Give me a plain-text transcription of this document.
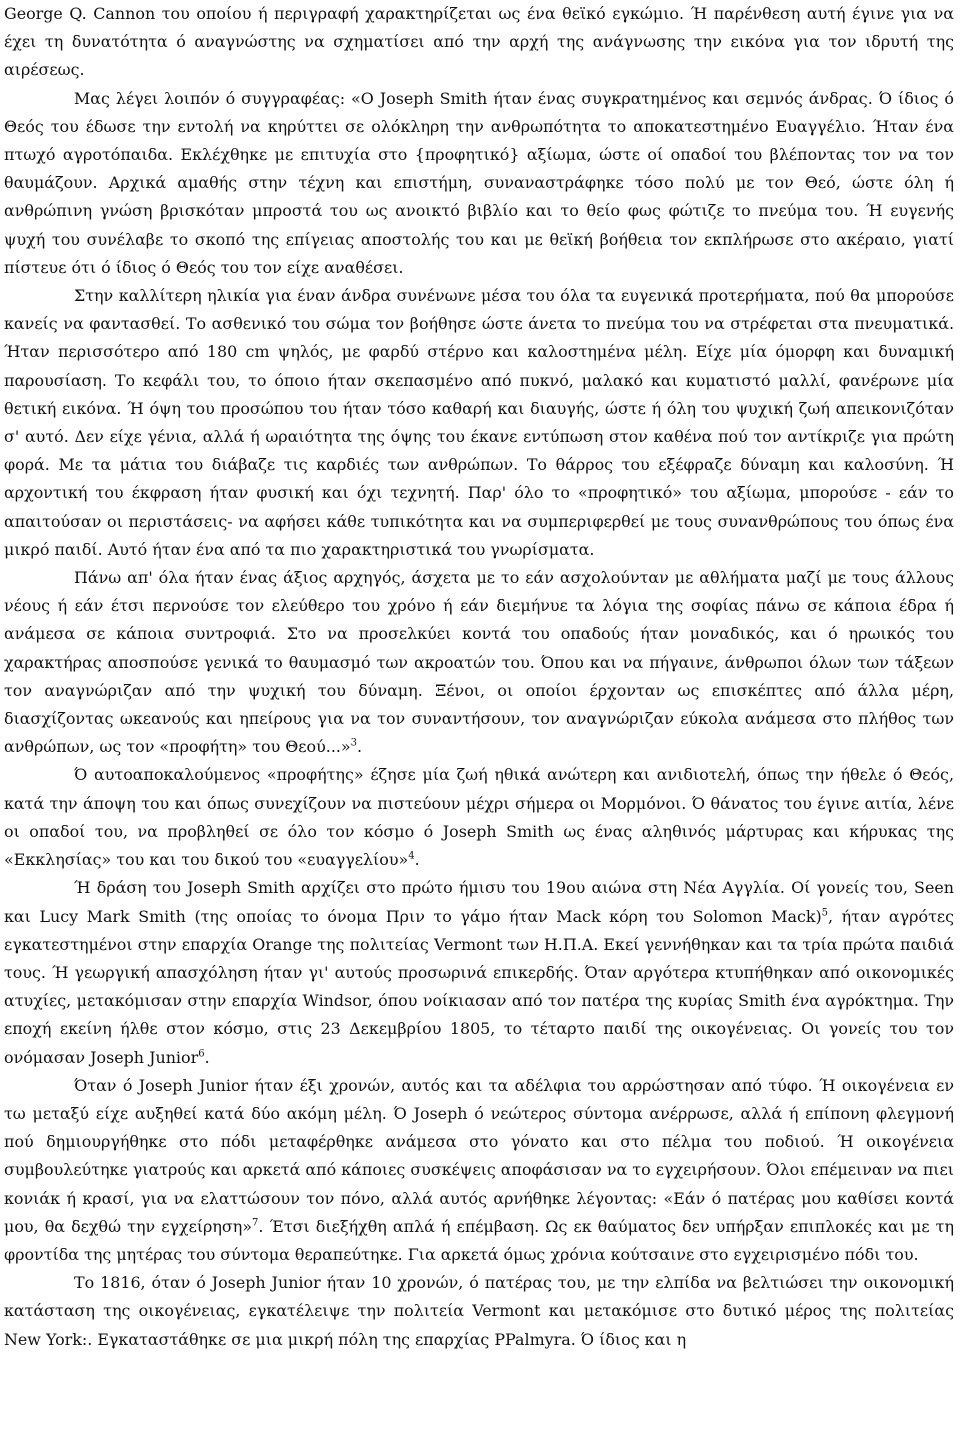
George Q. Cannon του οποίου ή περιγραφή χαρακτηρίζεται ως ένα θεϊκό εγκώμιο. Ή παρένθεση αυτή έγινε για να έχει τη δυνατότητα ό αναγνώστης να σχηματίσει από την αρχή της ανάγνωσης την εικόνα για τον ιδρυτή της αιρέσεως.

Μας λέγει λοιπόν ό συγγραφέας: «Ο Joseph Smith ήταν ένας συγκρατημένος και σεμνός άνδρας. Ό ίδιος ό Θεός του έδωσε την εντολή να κηρύττει σε ολόκληρη την ανθρωπότητα το αποκατεστημένο Ευαγγέλιο. Ήταν ένα πτωχό αγροτόπαιδα. Εκλέχθηκε με επιτυχία στο {προφητικό} αξίωμα, ώστε οί οπαδοί του βλέποντας τον να τον θαυμάζουν. Αρχικά αμαθής στην τέχνη και επιστήμη, συναναστράφηκε τόσο πολύ με τον Θεό, ώστε όλη ή ανθρώπινη γνώση βρισκόταν μπροστά του ως ανοικτό βιβλίο και το θείο φως φώτιζε το πνεύμα του. Ή ευγενής ψυχή του συνέλαβε το σκοπό της επίγειας αποστολής του και με θεϊκή βοήθεια τον εκπλήρωσε στο ακέραιο, γιατί πίστευε ότι ό ίδιος ό Θεός του τον είχε αναθέσει.

Στην καλλίτερη ηλικία για έναν άνδρα συνένωνε μέσα του όλα τα ευγενικά προτερήματα, πού θα μπορούσε κανείς να φαντασθεί. Το ασθενικό του σώμα τον βοήθησε ώστε άνετα το πνεύμα του να στρέφεται στα πνευματικά. Ήταν περισσότερο από 180 cm ψηλός, με φαρδύ στέρνο και καλοστημένα μέλη. Είχε μία όμορφη και δυναμική παρουσίαση. Το κεφάλι του, το όποιο ήταν σκεπασμένο από πυκνό, μαλακό και κυματιστό μαλλί, φανέρωνε μία θετική εικόνα. Ή όψη του προσώπου του ήταν τόσο καθαρή και διαυγής, ώστε ή όλη του ψυχική ζωή απεικονιζόταν σ' αυτό. Δεν είχε γένια, αλλά ή ωραιότητα της όψης του έκανε εντύπωση στον καθένα πού τον αντίκριζε για πρώτη φορά. Με τα μάτια του διάβαζε τις καρδιές των ανθρώπων. Το θάρρος του εξέφραζε δύναμη και καλοσύνη. Ή αρχοντική του έκφραση ήταν φυσική και όχι τεχνητή. Παρ' όλο το «προφητικό» του αξίωμα, μπορούσε - εάν το απαιτούσαν οι περιστάσεις- να αφήσει κάθε τυπικότητα και να συμπεριφερθεί με τους συνανθρώπους του όπως ένα μικρό παιδί. Αυτό ήταν ένα από τα πιο χαρακτηριστικά του γνωρίσματα.

Πάνω απ' όλα ήταν ένας άξιος αρχηγός, άσχετα με το εάν ασχολούνταν με αθλήματα μαζί με τους άλλους νέους ή εάν έτσι περνούσε τον ελεύθερο του χρόνο ή εάν διεμήνυε τα λόγια της σοφίας πάνω σε κάποια έδρα ή ανάμεσα σε κάποια συντροφιά. Στο να προσελκύει κοντά του οπαδούς ήταν μοναδικός, και ό ηρωικός του χαρακτήρας αποσπούσε γενικά το θαυμασμό των ακροατών του. Όπου και να πήγαινε, άνθρωποι όλων των τάξεων τον αναγνώριζαν από την ψυχική του δύναμη. Ξένοι, οι οποίοι έρχονταν ως επισκέπτες από άλλα μέρη, διασχίζοντας ωκεανούς και ηπείρους για να τον συναντήσουν, τον αναγνώριζαν εύκολα ανάμεσα στο πλήθος των ανθρώπων, ως τον «προφήτη» του Θεού...»$^3$.

Ό αυτοαποκαλούμενος «προφήτης» έζησε μία ζωή ηθικά ανώτερη και ανιδιοτελή, όπως την ήθελε ό Θεός, κατά την άποψη του και όπως συνεχίζουν να πιστεύουν μέχρι σήμερα οι Μορμόνοι. Ό θάνατος του έγινε αιτία, λένε οι οπαδοί του, να προβληθεί σε όλο τον κόσμο ό Joseph Smith ως ένας αληθινός μάρτυρας και κήρυκας της «Εκκλησίας» του και του δικού του «ευαγγελίου»$^4$.

Ή δράση του Joseph Smith αρχίζει στο πρώτο ήμισυ του 19ου αιώνα στη Νέα Αγγλία. Οί γονείς του, Seen και Lucy Mark Smith (της οποίας το όνομα Πριν το γάμο ήταν Mack κόρη του Solomon Mack)$^5$, ήταν αγρότες εγκατεστημένοι στην επαρχία Orange της πολιτείας Vermont των Η.Π.Α. Εκεί γεννήθηκαν και τα τρία πρώτα παιδιά τους. Ή γεωργική απασχόληση ήταν γι' αυτούς προσωρινά επικερδής. Όταν αργότερα κτυπήθηκαν από οικονομικές ατυχίες, μετακόμισαν στην επαρχία Windsor, όπου νοίκιασαν από τον πατέρα της κυρίας Smith ένα αγρόκτημα. Την εποχή εκείνη ήλθε στον κόσμο, στις 23 Δεκεμβρίου 1805, το τέταρτο παιδί της οικογένειας. Οι γονείς του τον ονόμασαν Joseph Junior$^6$.

Όταν ό Joseph Junior ήταν έξι χρονών, αυτός και τα αδέλφια του αρρώστησαν από τύφο. Ή οικογένεια εν τω μεταξύ είχε αυξηθεί κατά δύο ακόμη μέλη. Ό Joseph ό νεώτερος σύντομα ανέρρωσε, αλλά ή επίπονη φλεγμονή πού δημιουργήθηκε στο πόδι μεταφέρθηκε ανάμεσα στο γόνατο και στο πέλμα του ποδιού. Ή οικογένεια συμβουλεύτηκε γιατρούς και αρκετά από κάποιες συσκέψεις αποφάσισαν να το εγχειρήσουν. Όλοι επέμειναν να πιει κονιάκ ή κρασί, για να ελαττώσουν τον πόνο, αλλά αυτός αρνήθηκε λέγοντας: «Εάν ό πατέρας μου καθίσει κοντά μου, θα δεχθώ την εγχείρηση»$^7$. Έτσι διεξήχθη απλά ή επέμβαση. Ως εκ θαύματος δεν υπήρξαν επιπλοκές και με τη φροντίδα της μητέρας του σύντομα θεραπεύτηκε. Για αρκετά όμως χρόνια κούτσαινε στο εγχειρισμένο πόδι του.

Το 1816, όταν ό Joseph Junior ήταν 10 χρονών, ό πατέρας του, με την ελπίδα να βελτιώσει την οικονομική κατάσταση της οικογένειας, εγκατέλειψε την πολιτεία Vermont και μετακόμισε στο δυτικό μέρος της πολιτείας New York:. Εγκαταστάθηκε σε μια μικρή πόλη της επαρχίας PPalmyra. Ό ίδιος και η
